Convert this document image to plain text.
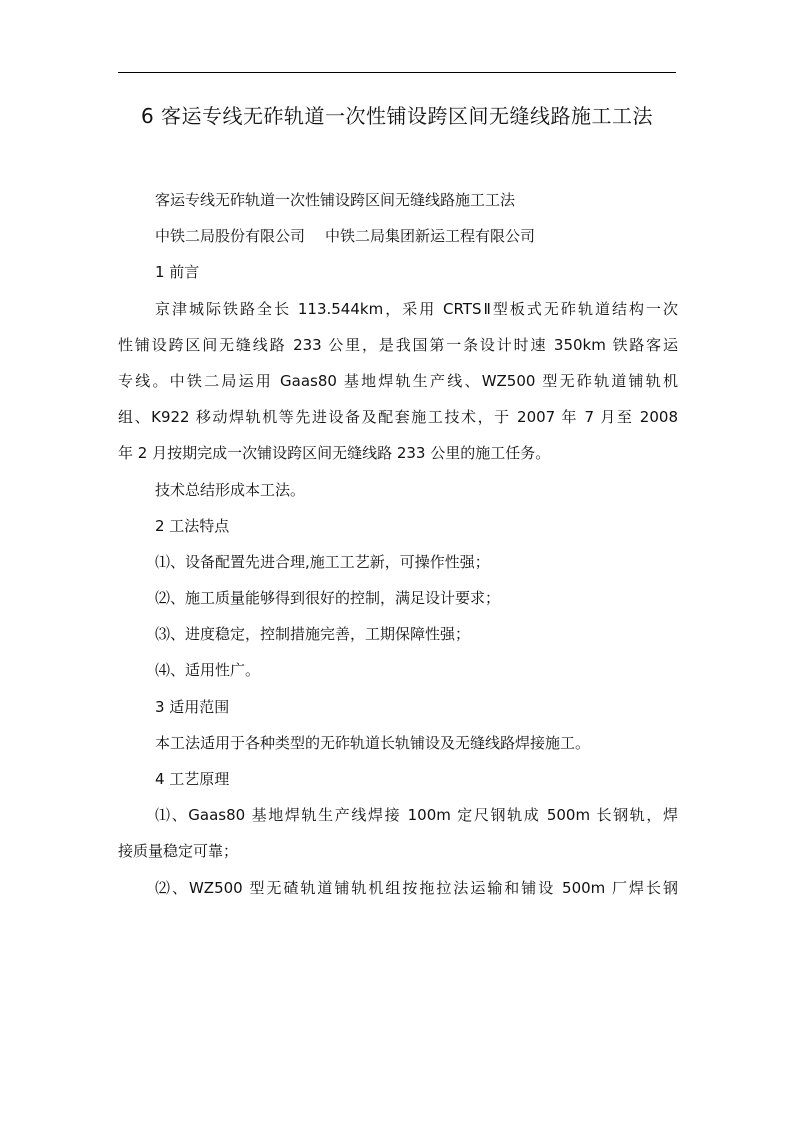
6 客运专线无砟轨道一次性铺设跨区间无缝线路施工工法
客运专线无砟轨道一次性铺设跨区间无缝线路施工工法
中铁二局股份有限公司 中铁二局集团新运工程有限公司
1 前言
京津城际铁路全长 113.544km，采用 CRTSⅡ型板式无砟轨道结构一次
性铺设跨区间无缝线路 233 公里，是我国第一条设计时速 350km 铁路客运
专线。中铁二局运用 Gaas80 基地焊轨生产线、WZ500 型无砟轨道铺轨机
组、K922 移动焊轨机等先进设备及配套施工技术，于 2007 年 7 月至 2008
年 2 月按期完成一次铺设跨区间无缝线路 233 公里的施工任务。
技术总结形成本工法。
2 工法特点
⑴、设备配置先进合理,施工工艺新，可操作性强；
⑵、施工质量能够得到很好的控制，满足设计要求；
⑶、进度稳定，控制措施完善，工期保障性强；
⑷、适用性广。
3 适用范围
本工法适用于各种类型的无砟轨道长轨铺设及无缝线路焊接施工。
4 工艺原理
⑴、Gaas80 基地焊轨生产线焊接 100m 定尺钢轨成 500m 长钢轨，焊
接质量稳定可靠；
⑵、WZ500 型无碴轨道铺轨机组按拖拉法运输和铺设 500m 厂焊长钢
